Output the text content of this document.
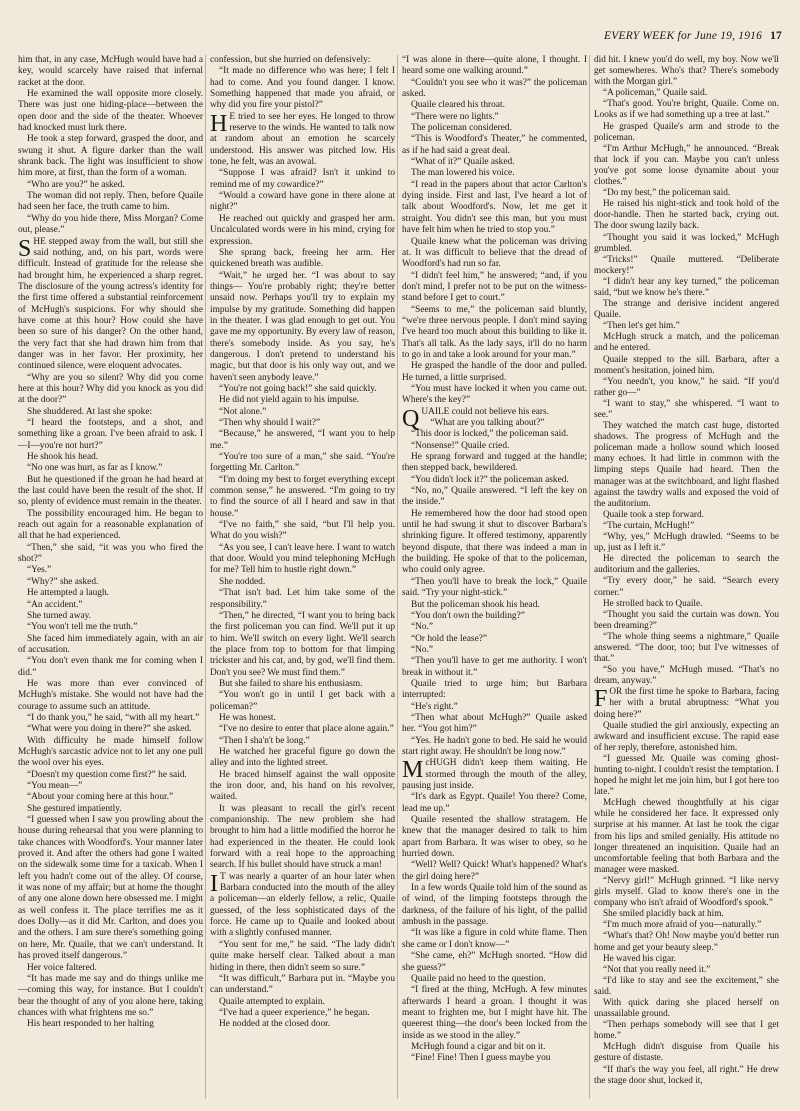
EVERY WEEK for June 19, 1916 17

him that, in any case, McHugh would have had a key, would scarcely have raised that infernal racket at the door.

He examined the wall opposite more closely. There was just one hiding-place—between the open door and the side of the theater. Whoever had knocked must lurk there.

He took a step forward, grasped the door, and swung it shut. A figure darker than the wall shrank back. The light was insufficient to show him more, at first, than the form of a woman.

“Who are you?” he asked.

The woman did not reply. Then, before Quaile had seen her face, the truth came to him.

“Why do you hide there, Miss Morgan? Come out, please.”

SHE stepped away from the wall, but still she said nothing, and, on his part, words were difficult. Instead of gratitude for the release she had brought him, he experienced a sharp regret. The disclosure of the young actress's identity for the first time offered a substantial reinforcement of McHugh's suspicions. For why should she have come at this hour? How could she have been so sure of his danger? On the other hand, the very fact that she had drawn him from that danger was in her favor. Her proximity, her continued silence, were eloquent advocates.

“Why are you so silent? Why did you come here at this hour? Why did you knock as you did at the door?”

She shuddered. At last she spoke:

“I heard the footsteps, and a shot, and something like a groan. I've been afraid to ask. I—I—you're not hurt?”

He shook his head.

“No one was hurt, as far as I know.”

But he questioned if the groan he had heard at the last could have been the result of the shot. If so, plenty of evidence must remain in the theater.

The possibility encouraged him. He began to reach out again for a reasonable explanation of all that he had experienced.

“Then,” she said, “it was you who fired the shot?”

“Yes.”

“Why?” she asked.

He attempted a laugh.

“An accident.”

She turned away.

“You won't tell me the truth.”

She faced him immediately again, with an air of accusation.

“You don't even thank me for coming when I did.”

He was more than ever convinced of McHugh's mistake. She would not have had the courage to assume such an attitude.

“I do thank you,” he said, “with all my heart.”

“What were you doing in there?” she asked.

With difficulty he made himself follow McHugh's sarcastic advice not to let any one pull the wool over his eyes.

“Doesn't my question come first?” he said.

“You mean—”

“About your coming here at this hour.”

She gestured impatiently.

“I guessed when I saw you prowling about the house during rehearsal that you were planning to take chances with Woodford's. Your manner later proved it. And after the others had gone I waited on the sidewalk some time for a taxicab. When I left you hadn't come out of the alley. Of course, it was none of my affair; but at home the thought of any one alone down here obsessed me. I might as well confess it. The place terrifies me as it does Dolly—as it did Mr. Carlton, and does you and the others. I am sure there's something going on here, Mr. Quaile, that we can't understand. It has proved itself dangerous.”

Her voice faltered.

“It has made me say and do things unlike me—coming this way, for instance. But I couldn't bear the thought of any of you alone here, taking chances with what frightens me so.”

His heart responded to her halting

confession, but she hurried on defensively:

“It made no difference who was here; I felt I had to come. And you found danger. I know. Something happened that made you afraid, or why did you fire your pistol?”

HE tried to see her eyes. He longed to throw reserve to the winds. He wanted to talk now at random about an emotion he scarcely understood. His answer was pitched low. His tone, he felt, was an avowal.

“Suppose I was afraid? Isn't it unkind to remind me of my cowardice?”

“Would a coward have gone in there alone at night?”

He reached out quickly and grasped her arm. Uncalculated words were in his mind, crying for expression.

She sprang back, freeing her arm. Her quickened breath was audible.

“Wait,” he urged her. “I was about to say things— You're probably right; they're better unsaid now. Perhaps you'll try to explain my impulse by my gratitude. Something did happen in the theater. I was glad enough to get out. You gave me my opportunity. By every law of reason, there's somebody inside. As you say, he's dangerous. I don't pretend to understand his magic, but that door is his only way out, and we haven't seen anybody leave.”

“You're not going back!” she said quickly.

He did not yield again to his impulse.

“Not alone.”

“Then why should I wait?”

“Because,” he answered, “I want you to help me.”

“You're too sure of a man,” she said. “You're forgetting Mr. Carlton.”

“I'm doing my best to forget everything except common sense,” he answered. “I'm going to try to find the source of all I heard and saw in that house.”

“I've no faith,” she said, “but I'll help you. What do you wish?”

“As you see, I can't leave here. I want to watch that door. Would you mind telephoning McHugh for me? Tell him to hustle right down.”

She nodded.

“That isn't bad. Let him take some of the responsibility.”

“Then,” he directed, “I want you to bring back the first policeman you can find. We'll put it up to him. We'll switch on every light. We'll search the place from top to bottom for that limping trickster and his cat, and, by god, we'll find them. Don't you see? We must find them.”

But she failed to share his enthusiasm.

“You won't go in until I get back with a policeman?”

He was honest.

“I've no desire to enter that place alone again.”

“Then I sha'n't be long.”

He watched her graceful figure go down the alley and into the lighted street.

He braced himself against the wall opposite the iron door, and, his hand on his revolver, waited.

It was pleasant to recall the girl's recent companionship. The new problem she had brought to him had a little modified the horror he had experienced in the theater. He could look forward with a real hope to the approaching search. If his bullet should have struck a man!

IT was nearly a quarter of an hour later when Barbara conducted into the mouth of the alley a policeman—an elderly fellow, a relic, Quaile guessed, of the less sophisticated days of the force. He came up to Quaile and looked about with a slightly confused manner.

“You sent for me,” he said. “The lady didn't quite make herself clear. Talked about a man hiding in there, then didn't seem so sure.”

“It was difficult,” Barbara put in. “Maybe you can understand.”

Quaile attempted to explain.

“I've had a queer experience,” he began.

He nodded at the closed door.

“I was alone in there—quite alone, I thought. I heard some one walking around.”

“Couldn't you see who it was?” the policeman asked.

Quaile cleared his throat.

“There were no lights.”

The policeman considered.

“This is Woodford's Theater,” he commented, as if he had said a great deal.

“What of it?” Quaile asked.

The man lowered his voice.

“I read in the papers about that actor Carlton's dying inside. First and last, I've heard a lot of talk about Woodford's. Now, let me get it straight. You didn't see this man, but you must have felt him when he tried to stop you.”

Quaile knew what the policeman was driving at. It was difficult to believe that the dread of Woodford's had run so far.

“I didn't feel him,” he answered; “and, if you don't mind, I prefer not to be put on the witness-stand before I get to court.”

“Seems to me,” the policeman said bluntly, “we're three nervous people. I don't mind saying I've heard too much about this building to like it. That's all talk. As the lady says, it'll do no harm to go in and take a look around for your man.”

He grasped the handle of the door and pulled. He turned, a little surprised.

“You must have locked it when you came out. Where's the key?”

QUAILE could not believe his ears.

“What are you talking about?”

“This door is locked,” the policeman said.

“Nonsense!” Quaile cried.

He sprang forward and tugged at the handle; then stepped back, bewildered.

“You didn't lock it?” the policeman asked.

“No, no,” Quaile answered. “I left the key on the inside.”

He remembered how the door had stood open until he had swung it shut to discover Barbara's shrinking figure. It offered testimony, apparently beyond dispute, that there was indeed a man in the building. He spoke of that to the policeman, who could only agree.

“Then you'll have to break the lock,” Quaile said. “Try your night-stick.”

But the policeman shook his head.

“You don't own the building?”

“No.”

“Or hold the lease?”

“No.”

“Then you'll have to get me authority. I won't break in without it.”

Quaile tried to urge him; but Barbara interrupted:

“He's right.”

“Then what about McHugh?” Quaile asked her. “You got him?”

“Yes. He hadn't gone to bed. He said he would start right away. He shouldn't be long now.”

McHUGH didn't keep them waiting. He stormed through the mouth of the alley, pausing just inside.

“It's dark as Egypt. Quaile! You there? Come, lead me up.”

Quaile resented the shallow stratagem. He knew that the manager desired to talk to him apart from Barbara. It was wiser to obey, so he hurried down.

“Well? Well? Quick! What's happened? What's the girl doing here?”

In a few words Quaile told him of the sound as of wind, of the limping footsteps through the darkness, of the failure of his light, of the pallid ambush in the passage.

“It was like a figure in cold white flame. Then she came or I don't know—”

“She came, eh?” McHugh snorted. “How did she guess?”

Quaile paid no heed to the question.

“I fired at the thing, McHugh. A few minutes afterwards I heard a groan. I thought it was meant to frighten me, but I might have hit. The queerest thing—the door's been locked from the inside as we stood in the alley.”

McHugh found a cigar and bit on it.

“Fine! Fine! Then I guess maybe you

did hit. I knew you'd do well, my boy. Now we'll get somewheres. Who's that? There's somebody with the Morgan girl.”

“A policeman,” Quaile said.

“That's good. You're bright, Quaile. Come on. Looks as if we had something up a tree at last.”

He grasped Quaile's arm and strode to the policeman.

“I'm Arthur McHugh,” he announced. “Break that lock if you can. Maybe you can't unless you've got some loose dynamite about your clothes.”

“Do my best,” the policeman said.

He raised his night-stick and took hold of the door-handle. Then he started back, crying out. The door swung lazily back.

“Thought you said it was locked,” McHugh grumbled.

“Tricks!” Quaile muttered. “Deliberate mockery!”

“I didn't hear any key turned,” the policeman said, “but we know he's there.”

The strange and derisive incident angered Quaile.

“Then let's get him.”

McHugh struck a match, and the policeman and he entered.

Quaile stepped to the sill. Barbara, after a moment's hesitation, joined him.

“You needn't, you know,” he said. “If you'd rather go—”

“I want to stay,” she whispered. “I want to see.”

They watched the match cast huge, distorted shadows. The progress of McHugh and the policeman made a hollow sound which loosed many echoes. It had little in common with the limping steps Quaile had heard. Then the manager was at the switchboard, and light flashed against the tawdry walls and exposed the void of the auditorium.

Quaile took a step forward.

“The curtain, McHugh!”

“Why, yes,” McHugh drawled. “Seems to be up, just as I left it.”

He directed the policeman to search the auditorium and the galleries.

“Try every door,” he said. “Search every corner.”

He strolled back to Quaile.

“Thought you said the curtain was down. You been dreaming?”

“The whole thing seems a nightmare,” Quaile answered. “The door, too; but I've witnesses of that.”

“So you have,” McHugh mused. “That's no dream, anyway.”

FOR the first time he spoke to Barbara, facing her with a brutal abruptness: “What you doing here?”

Quaile studied the girl anxiously, expecting an awkward and insufficient excuse. The rapid ease of her reply, therefore, astonished him.

“I guessed Mr. Quaile was coming ghost-hunting to-night. I couldn't resist the temptation. I hoped he might let me join him, but I got here too late.”

McHugh chewed thoughtfully at his cigar while he considered her face. It expressed only surprise at his manner. At last he took the cigar from his lips and smiled genially. His attitude no longer threatened an inquisition. Quaile had an uncomfortable feeling that both Barbara and the manager were masked.

“Nervy girl!” McHugh grinned. “I like nervy girls myself. Glad to know there's one in the company who isn't afraid of Woodford's spook.”

She smiled placidly back at him.

“I'm much more afraid of you—naturally.”

“What's that? Oh! Now maybe you'd better run home and get your beauty sleep.”

He waved his cigar.

“Not that you really need it.”

“I'd like to stay and see the excitement,” she said.

With quick daring she placed herself on unassailable ground.

“Then perhaps somebody will see that I get home.”

McHugh didn't disguise from Quaile his gesture of distaste.

“If that's the way you feel, all right.” He drew the stage door shut, locked it,
